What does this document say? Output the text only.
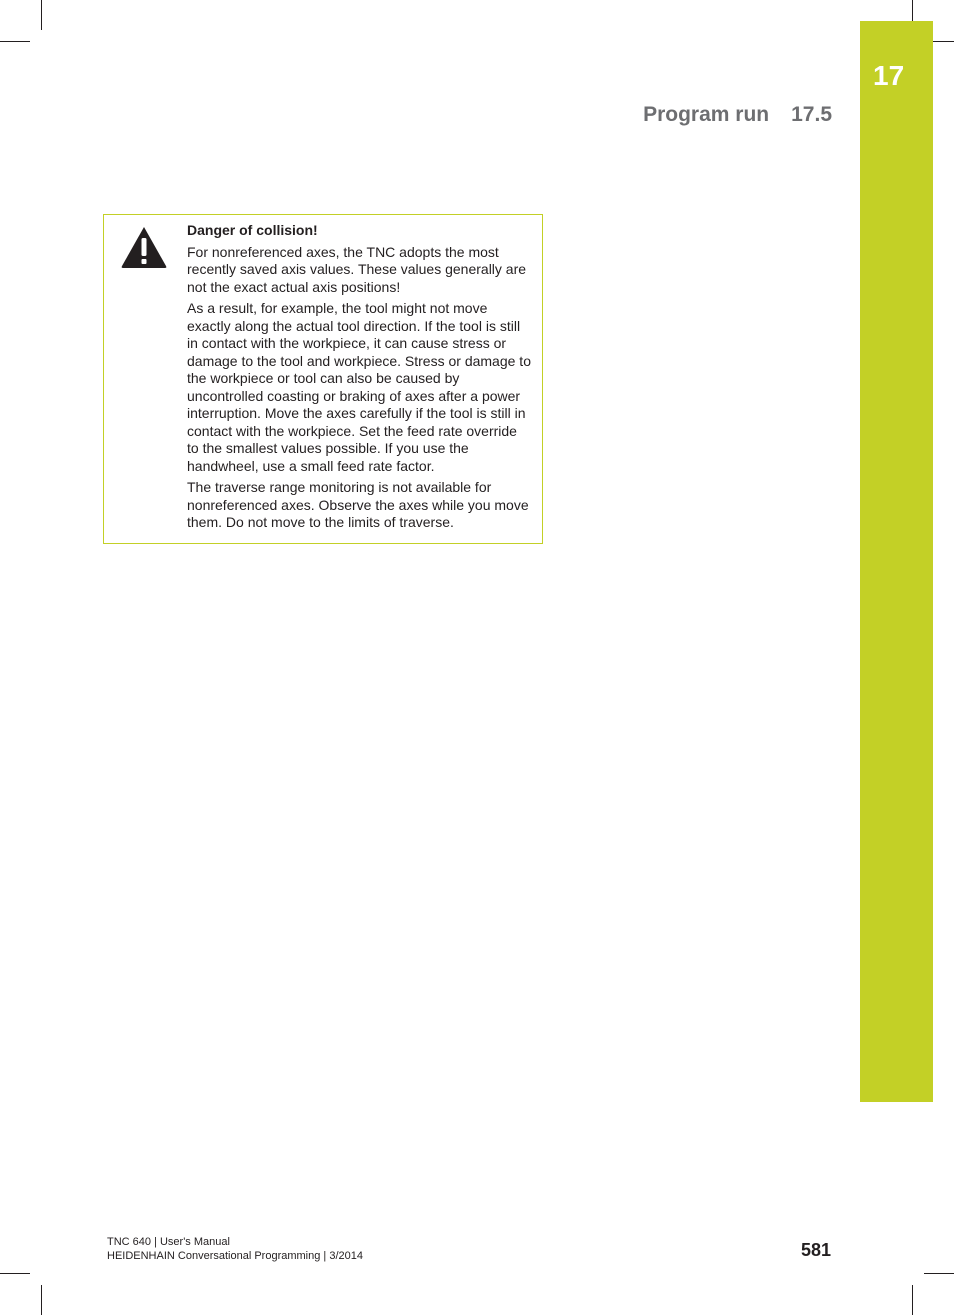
17
Program run 17.5

Danger of collision!

For nonreferenced axes, the TNC adopts the most recently saved axis values. These values generally are not the exact actual axis positions!

As a result, for example, the tool might not move exactly along the actual tool direction. If the tool is still in contact with the workpiece, it can cause stress or damage to the tool and workpiece. Stress or damage to the workpiece or tool can also be caused by uncontrolled coasting or braking of axes after a power interruption. Move the axes carefully if the tool is still in contact with the workpiece. Set the feed rate override to the smallest values possible. If you use the handwheel, use a small feed rate factor.

The traverse range monitoring is not available for nonreferenced axes. Observe the axes while you move them. Do not move to the limits of traverse.

TNC 640 | User's Manual
HEIDENHAIN Conversational Programming | 3/2014	581
